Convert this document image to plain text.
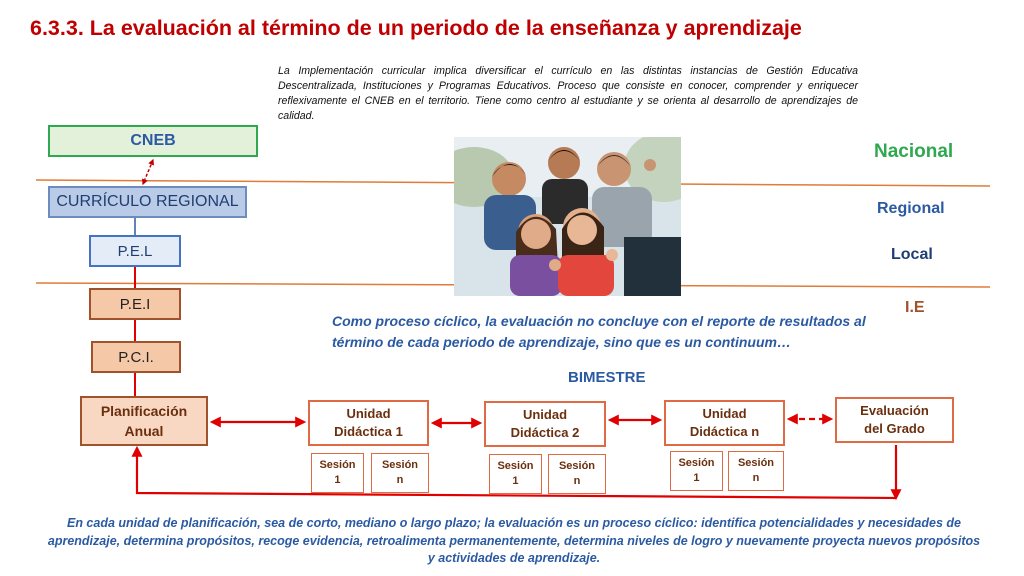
6.3.3. La evaluación al término de un periodo de la enseñanza y aprendizaje
La Implementación curricular implica diversificar el currículo en las distintas instancias de Gestión Educativa Descentralizada, Instituciones y Programas Educativos. Proceso que consiste en conocer, comprender y enriquecer reflexivamente el CNEB en el territorio. Tiene como centro al estudiante y se orienta al desarrollo de aprendizajes de calidad.
CNEB
CURRÍCULO REGIONAL
P.E.L
P.E.I
P.C.I.
Planificación
Anual
Nacional
Regional
Local
I.E
Como proceso cíclico, la evaluación no concluye con el reporte de resultados al término de cada periodo de aprendizaje, sino que es un continuum…
BIMESTRE
Unidad
Didáctica 1
Unidad
Didáctica 2
Unidad
Didáctica n
Evaluación
del Grado
Sesión
1
Sesión
n
Sesión
1
Sesión
n
Sesión
1
Sesión
n
En cada unidad de planificación, sea de corto, mediano o largo plazo; la evaluación es un proceso cíclico: identifica potencialidades y necesidades de aprendizaje, determina propósitos, recoge evidencia, retroalimenta permanentemente, determina niveles de logro y nuevamente proyecta nuevos propósitos y actividades de aprendizaje.
